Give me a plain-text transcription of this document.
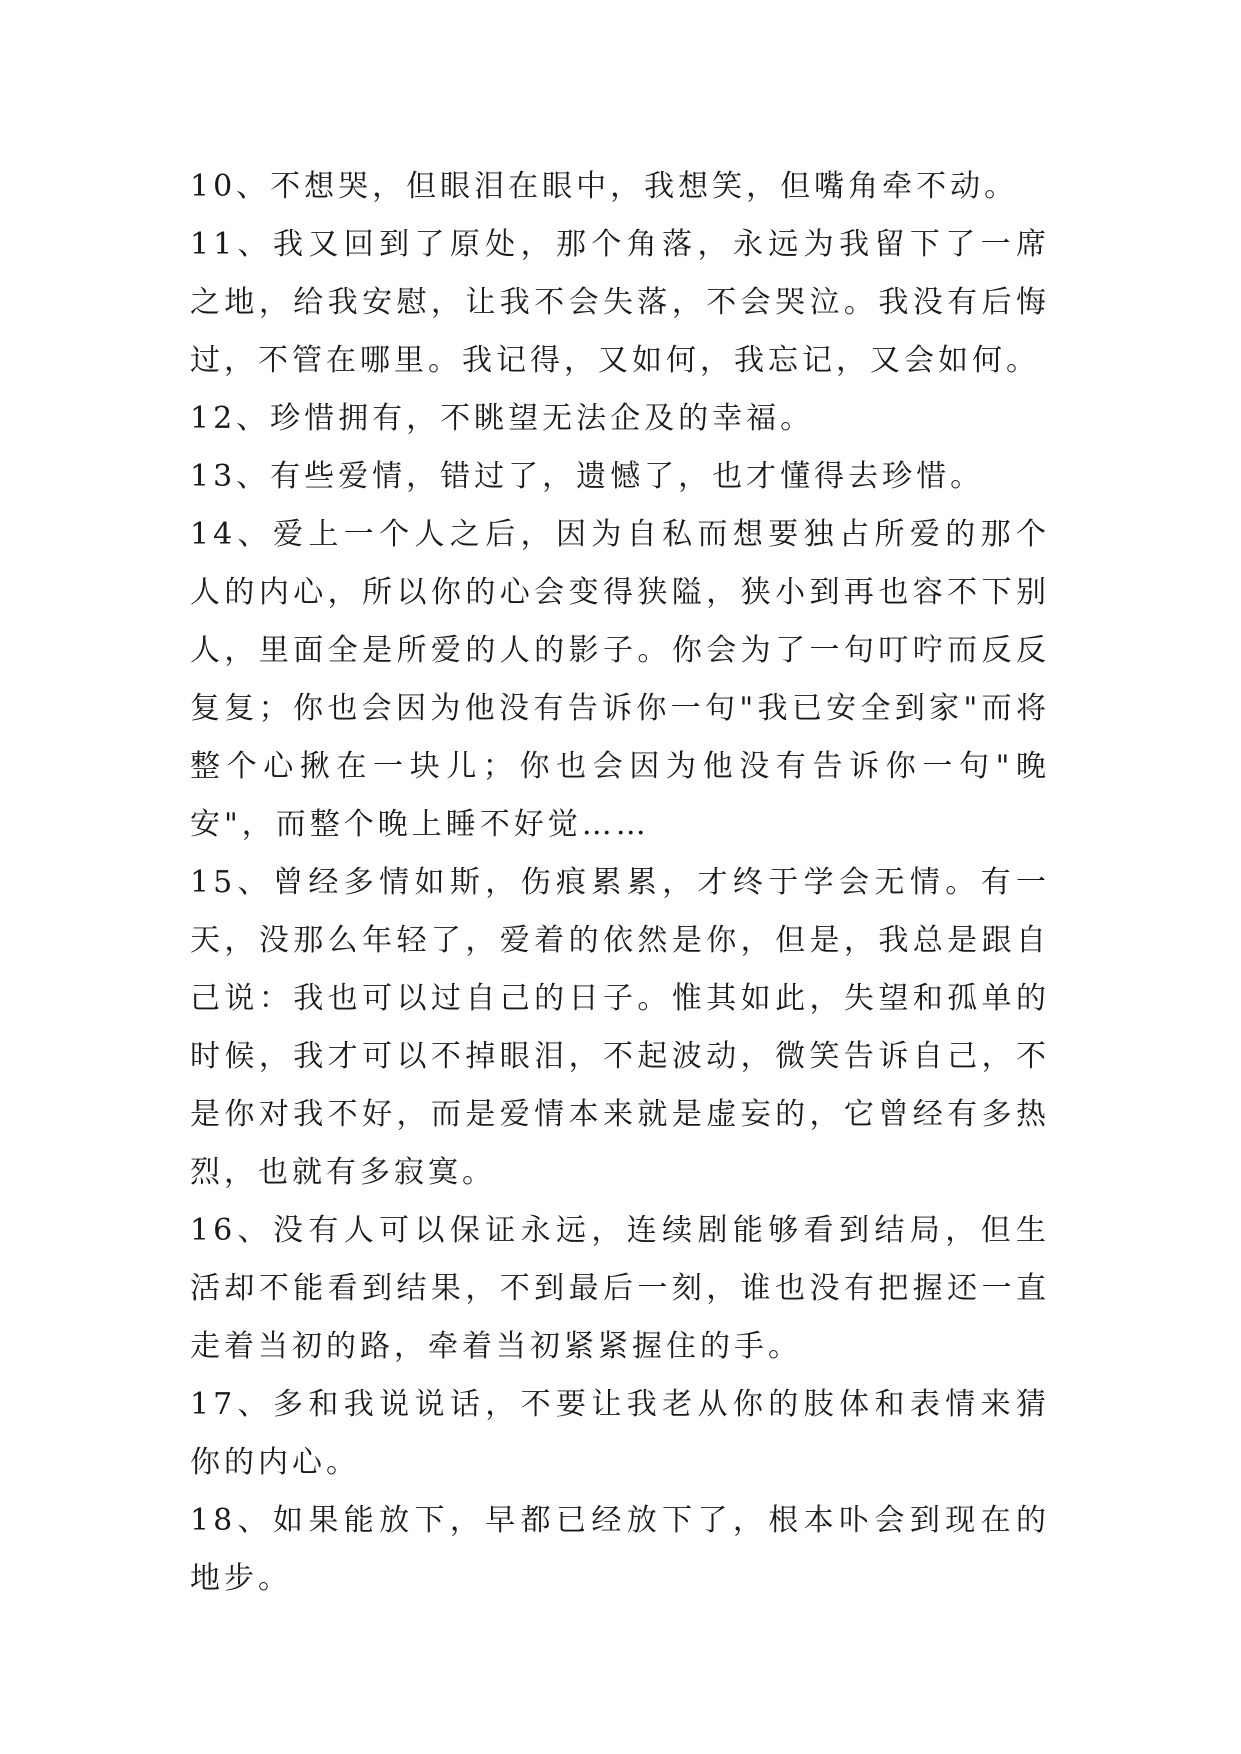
10、不想哭，但眼泪在眼中，我想笑，但嘴角牵不动。

11、我又回到了原处，那个角落，永远为我留下了一席之地，给我安慰，让我不会失落，不会哭泣。我没有后悔过，不管在哪里。我记得，又如何，我忘记，又会如何。

12、珍惜拥有，不眺望无法企及的幸福。

13、有些爱情，错过了，遗憾了，也才懂得去珍惜。

14、爱上一个人之后，因为自私而想要独占所爱的那个人的内心，所以你的心会变得狭隘，狭小到再也容不下别人，里面全是所爱的人的影子。你会为了一句叮咛而反反复复；你也会因为他没有告诉你一句"我已安全到家"而将整个心揪在一块儿；你也会因为他没有告诉你一句"晚安"，而整个晚上睡不好觉……

15、曾经多情如斯，伤痕累累，才终于学会无情。有一天，没那么年轻了，爱着的依然是你，但是，我总是跟自己说：我也可以过自己的日子。惟其如此，失望和孤单的时候，我才可以不掉眼泪，不起波动，微笑告诉自己，不是你对我不好，而是爱情本来就是虚妄的，它曾经有多热烈，也就有多寂寞。

16、没有人可以保证永远，连续剧能够看到结局，但生活却不能看到结果，不到最后一刻，谁也没有把握还一直走着当初的路，牵着当初紧紧握住的手。

17、多和我说说话，不要让我老从你的肢体和表情来猜你的内心。

18、如果能放下，早都已经放下了，根本卟会到现在的地步。
